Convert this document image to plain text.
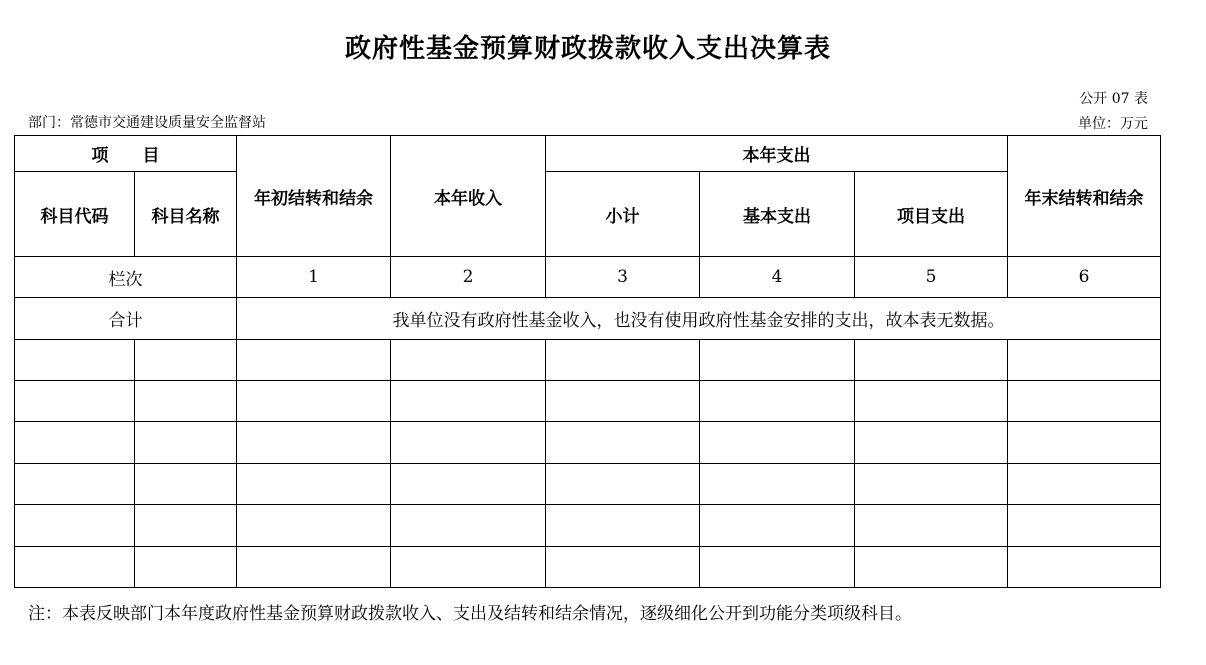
政府性基金预算财政拨款收入支出决算表
公开 07 表
部门：常德市交通建设质量安全监督站	单位：万元
项　　目		年初结转和结余	本年收入	本年支出			年末结转和结余
科目代码	科目名称			小计	基本支出	项目支出	
栏次		1	2	3	4	5	6
合计		我单位没有政府性基金收入，也没有使用政府性基金安排的支出，故本表无数据。					

注：本表反映部门本年度政府性基金预算财政拨款收入、支出及结转和结余情况，逐级细化公开到功能分类项级科目。
